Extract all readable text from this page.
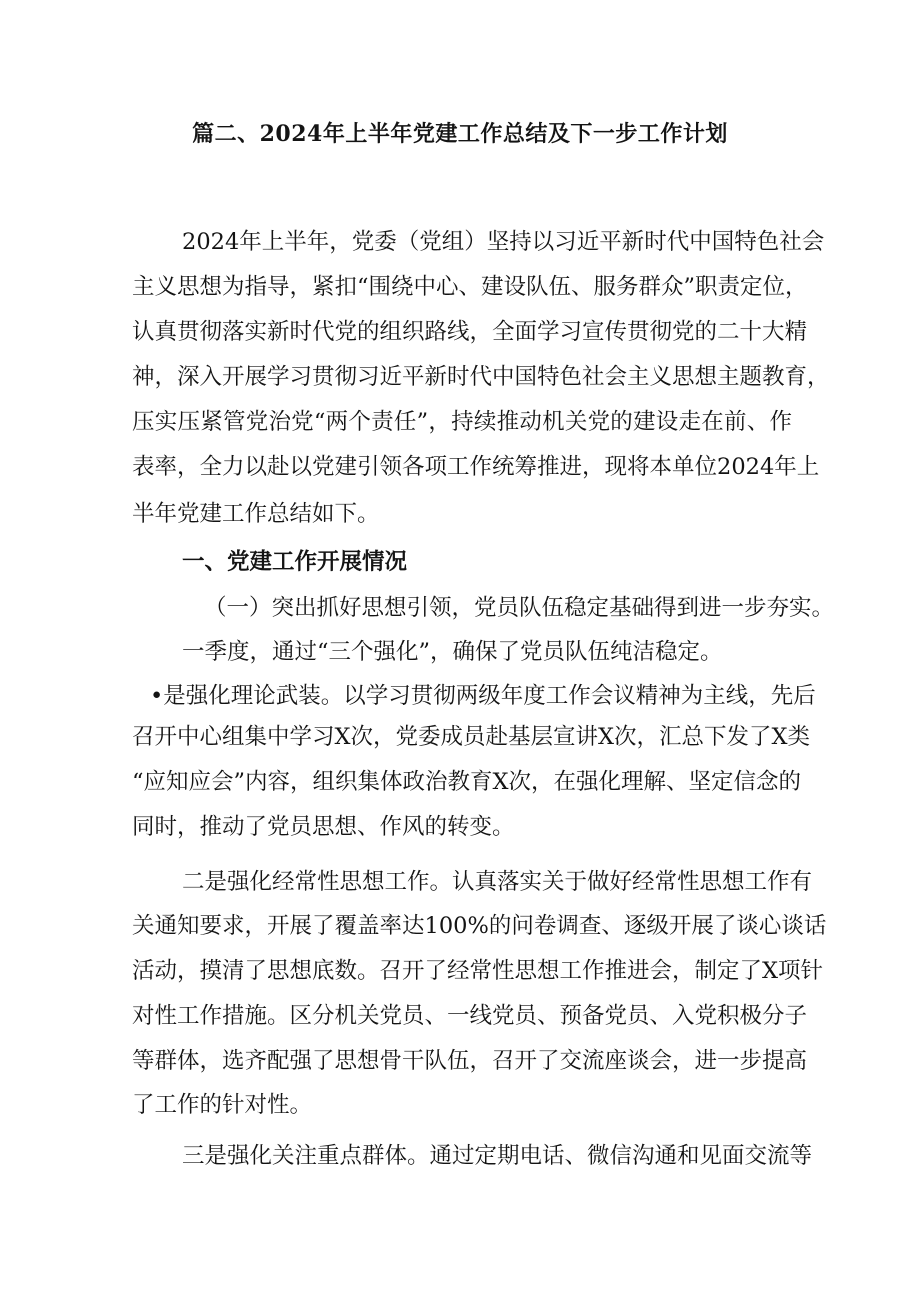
篇二、2024年上半年党建工作总结及下一步工作计划
2024年上半年，党委（党组）坚持以习近平新时代中国特色社会
主义思想为指导，紧扣“围绕中心、建设队伍、服务群众”职责定位，
认真贯彻落实新时代党的组织路线，全面学习宣传贯彻党的二十大精
神，深入开展学习贯彻习近平新时代中国特色社会主义思想主题教育，
压实压紧管党治党“两个责任”，持续推动机关党的建设走在前、作
表率，全力以赴以党建引领各项工作统筹推进，现将本单位2024年上
半年党建工作总结如下。
一、党建工作开展情况
（一）突出抓好思想引领，党员队伍稳定基础得到进一步夯实。
一季度，通过“三个强化”，确保了党员队伍纯洁稳定。
•是强化理论武装。以学习贯彻两级年度工作会议精神为主线，先后
召开中心组集中学习X次，党委成员赴基层宣讲X次，汇总下发了X类
“应知应会”内容，组织集体政治教育X次，在强化理解、坚定信念的
同时，推动了党员思想、作风的转变。
二是强化经常性思想工作。认真落实关于做好经常性思想工作有
关通知要求，开展了覆盖率达100%的问卷调查、逐级开展了谈心谈话
活动，摸清了思想底数。召开了经常性思想工作推进会，制定了X项针
对性工作措施。区分机关党员、一线党员、预备党员、入党积极分子
等群体，选齐配强了思想骨干队伍，召开了交流座谈会，进一步提高
了工作的针对性。
三是强化关注重点群体。通过定期电话、微信沟通和见面交流等
